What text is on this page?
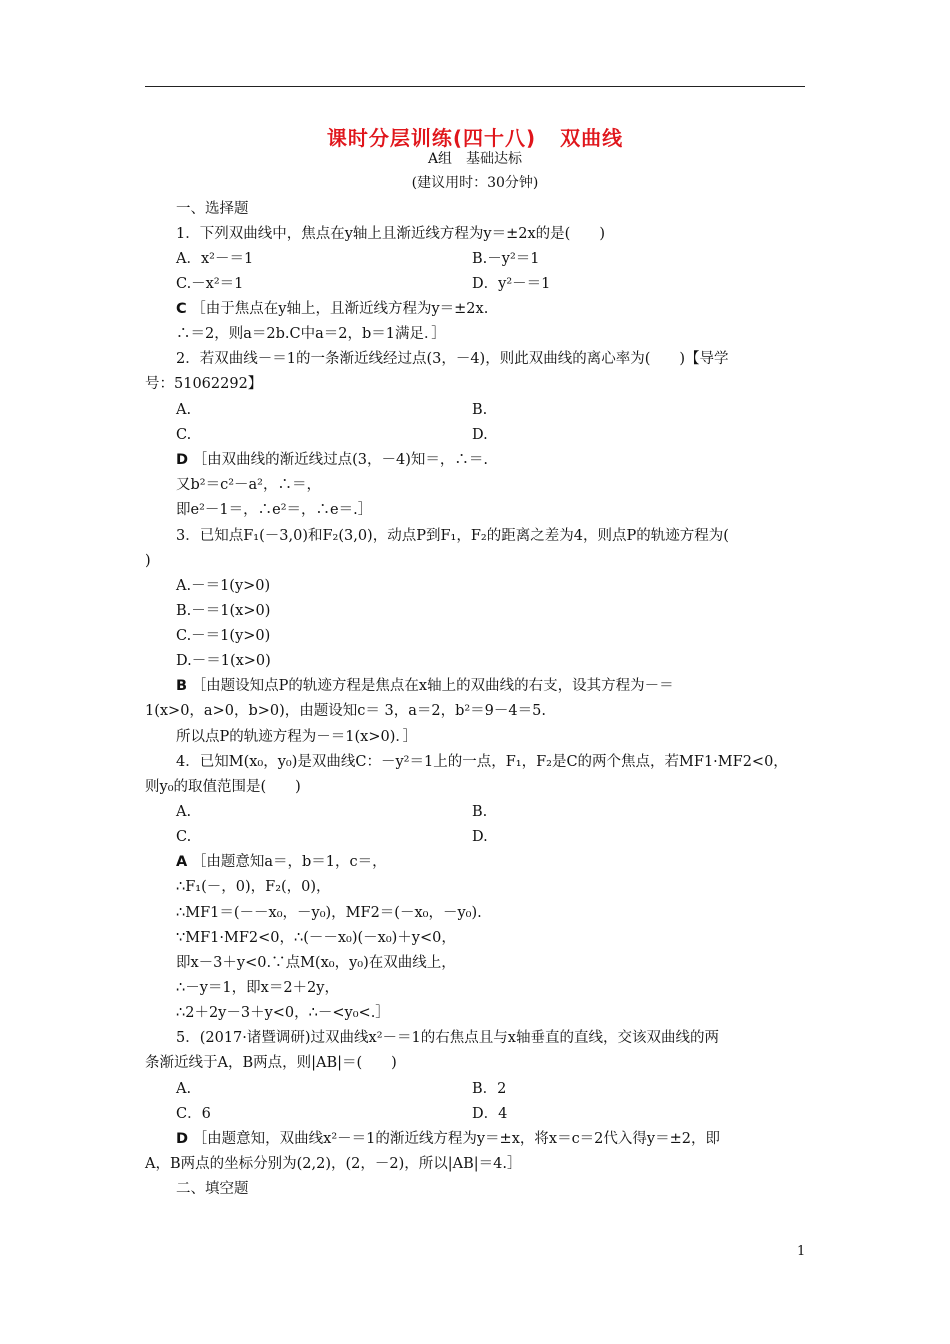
课时分层训练(四十八) 双曲线
A组　基础达标
(建议用时：30分钟)
一、选择题
1．下列双曲线中，焦点在y轴上且渐近线方程为y＝±2x的是(　　)
A．x²－＝1	B.－y²＝1
C.－x²＝1	D．y²－＝1
C ［由于焦点在y轴上，且渐近线方程为y＝±2x.
∴＝2，则a＝2b.C中a＝2，b＝1满足．］
2．若双曲线－＝1的一条渐近线经过点(3，－4)，则此双曲线的离心率为(　　)【导学
号：51062292】
A.	B.
C.	D.
D ［由双曲线的渐近线过点(3，－4)知＝，∴＝.
又b²＝c²－a²，∴＝，
即e²－1＝，∴e²＝，∴e＝.］
3．已知点F₁(－3,0)和F₂(3,0)，动点P到F₁，F₂的距离之差为4，则点P的轨迹方程为(
)
A.－＝1(y>0)
B.－＝1(x>0)
C.－＝1(y>0)
D.－＝1(x>0)
B ［由题设知点P的轨迹方程是焦点在x轴上的双曲线的右支，设其方程为－＝
1(x>0，a>0，b>0)，由题设知c＝ 3，a＝2，b²＝9－4＝5.
所以点P的轨迹方程为－＝1(x>0)．］
4．已知M(x₀，y₀)是双曲线C：－y²＝1上的一点，F₁，F₂是C的两个焦点，若MF1·MF2<0，
则y₀的取值范围是(　　)
A.	B.
C.	D.
A ［由题意知a＝，b＝1，c＝，
∴F₁(－，0)，F₂(，0)，
∴MF1＝(－－x₀，－y₀)，MF2＝(－x₀，－y₀).
∵MF1·MF2<0，∴(－－x₀)(－x₀)＋y<0，
即x－3＋y<0.∵点M(x₀，y₀)在双曲线上，
∴－y＝1，即x＝2＋2y，
∴2＋2y－3＋y<0，∴－<y₀<.］
5．(2017·诸暨调研)过双曲线x²－＝1的右焦点且与x轴垂直的直线，交该双曲线的两
条渐近线于A，B两点，则|AB|＝(　　)
A.	B．2
C．6	D．4
D ［由题意知，双曲线x²－＝1的渐近线方程为y＝±x，将x＝c＝2代入得y＝±2，即
A，B两点的坐标分别为(2,2)，(2，－2)，所以|AB|＝4.］
二、填空题
1
